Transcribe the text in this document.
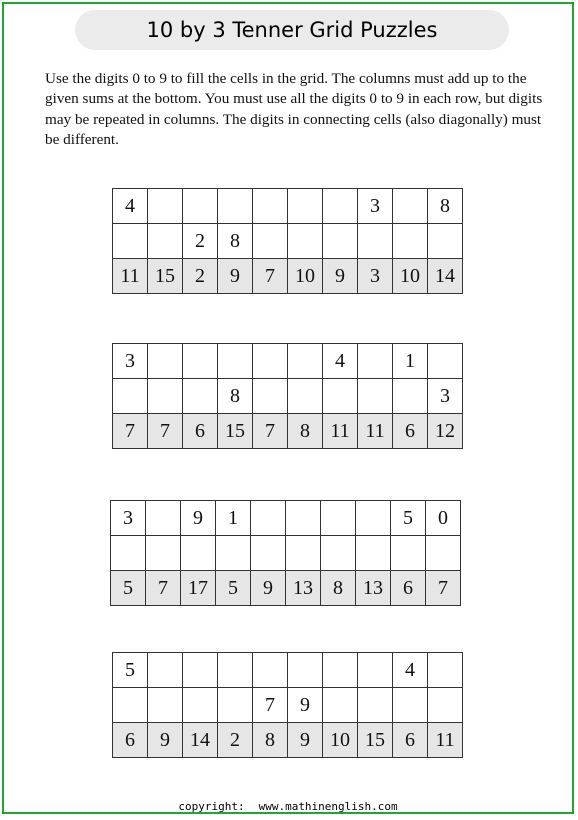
10 by 3 Tenner Grid Puzzles

Use the digits 0 to 9 to fill the cells in the grid. The columns must add up to the given sums at the bottom. You must use all the digits 0 to 9 in each row, but digits may be repeated in columns. The digits in connecting cells (also diagonally) must be different.

4							3		8
		2	8						
11	15	2	9	7	10	9	3	10	14
3						4		1	
			8						3
7	7	6	15	7	8	11	11	6	12
3		9	1					5	0

5	7	17	5	9	13	8	13	6	7
5								4	
				7	9				
6	9	14	2	8	9	10	15	6	11
copyright: www.mathinenglish.com
